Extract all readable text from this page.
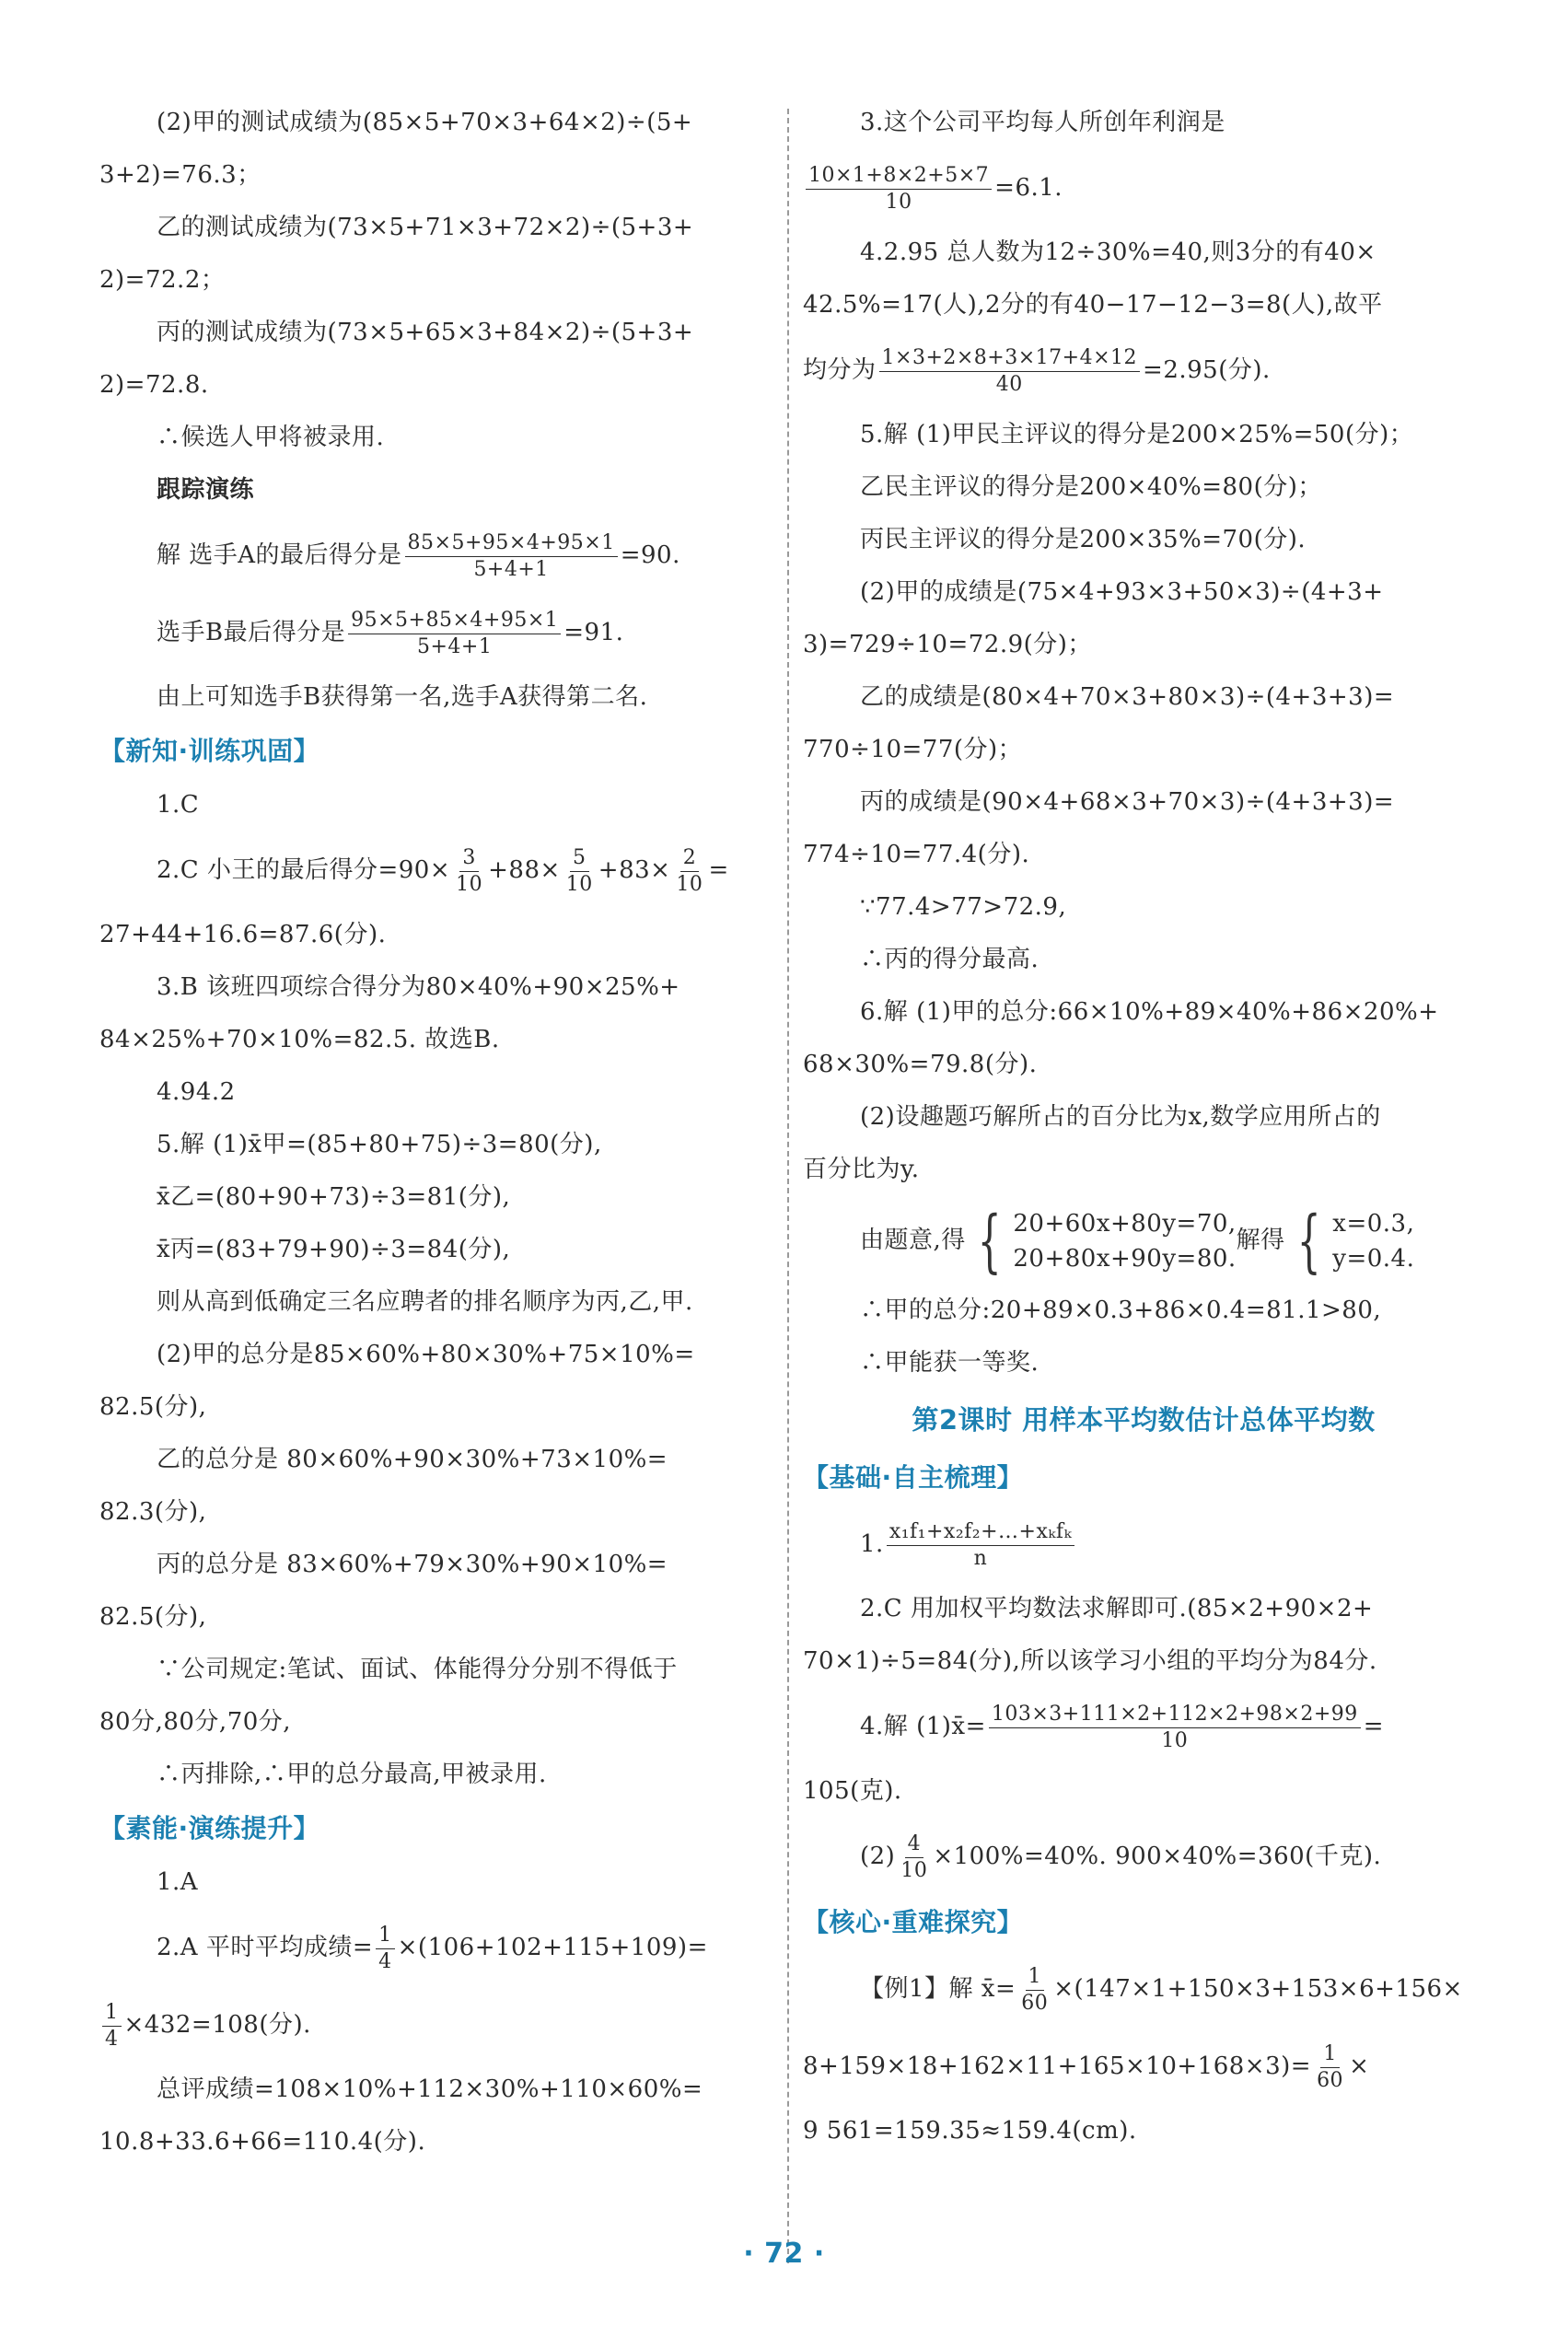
(2)甲的测试成绩为(85×5+70×3+64×2)÷(5+
3+2)=76.3；
乙的测试成绩为(73×5+71×3+72×2)÷(5+3+
2)=72.2；
丙的测试成绩为(73×5+65×3+84×2)÷(5+3+
2)=72.8.
∴候选人甲将被录用.
跟踪演练
解 选手A的最后得分是 $\frac{85\times 5+95\times 4+95\times 1}{5+4+1} =90$.
选手B最后得分是 $\frac{95\times 5+85\times 4+95\times 1}{5+4+1} =91$.
由上可知选手B获得第一名,选手A获得第二名.
【新知·训练巩固】
1.C
2.C 小王的最后得分$=90\times \frac{3}{10} +88\times \frac{5}{10} +83\times \frac{2}{10}$ =
27+44+16.6=87.6(分).
3.B 该班四项综合得分为80×40%+90×25%+
84×25%+70×10%=82.5. 故选B.
4.94.2
5.解 (1)x̄甲=(85+80+75)÷3=80(分),
x̄乙=(80+90+73)÷3=81(分),
x̄丙=(83+79+90)÷3=84(分),
则从高到低确定三名应聘者的排名顺序为丙,乙,甲.
(2)甲的总分是85×60%+80×30%+75×10%=
82.5(分),
乙的总分是 80×60%+90×30%+73×10%=
82.3(分),
丙的总分是 83×60%+79×30%+90×10%=
82.5(分),
∵公司规定:笔试、面试、体能得分分别不得低于
80分,80分,70分,
∴丙排除,∴甲的总分最高,甲被录用.
【素能·演练提升】
1.A
2.A 平时平均成绩= $\frac{1}{4} \times(106+102+115+109)=$
$\frac{1}{4} \times 432=108$(分).
总评成绩=108×10%+112×30%+110×60%=
10.8+33.6+66=110.4(分).
3.这个公司平均每人所创年利润是
$\frac{10\times 1+8\times 2+5\times 7}{10} =6.1$.
4.2.95 总人数为12÷30%=40,则3分的有40×
42.5%=17(人),2分的有40−17−12−3=8(人),故平
均分为 $\frac{1\times 3+2\times 8+3\times 17+4\times 12}{40} =2.95$(分).
5.解 (1)甲民主评议的得分是200×25%=50(分)；
乙民主评议的得分是200×40%=80(分)；
丙民主评议的得分是200×35%=70(分).
(2)甲的成绩是(75×4+93×3+50×3)÷(4+3+
3)=729÷10=72.9(分)；
乙的成绩是(80×4+70×3+80×3)÷(4+3+3)=
770÷10=77(分)；
丙的成绩是(90×4+68×3+70×3)÷(4+3+3)=
774÷10=77.4(分).
∵77.4>77>72.9,
∴丙的得分最高.
6.解 (1)甲的总分:66×10%+89×40%+86×20%+
68×30%=79.8(分).
(2)设趣题巧解所占的百分比为x,数学应用所占的
百分比为y.
由题意,得 { 20+60x+80y=70,
20+80x+90y=80.
解得 { x=0.3,
y=0.4.
∴甲的总分:20+89×0.3+86×0.4=81.1>80,
∴甲能获一等奖.
第2课时 用样本平均数估计总体平均数
【基础·自主梳理】
1. $\frac{\text{x₁f₁+x₂f₂+…+xₖfₖ}}{n}$
2.C 用加权平均数法求解即可.(85×2+90×2+
70×1)÷5=84(分),所以该学习小组的平均分为84分.
4.解 (1)x̄= $\frac{103\times 3+111\times 2+112\times 2+98\times 2+99}{10}$ =
105(克).
$(2) \frac{4}{10} \times 100\%=40\%$. 900×40%=360(千克).
【核心·重难探究】
【例1】解 x̄= $\frac{1}{60} \times(147\times 1+150\times 3+153\times 6+156\times$
$8+159\times 18+162\times 11+165\times 10+168\times 3)= \frac{1}{60}$ ×
9 561=159.35≈159.4(cm).
· 72 ·
